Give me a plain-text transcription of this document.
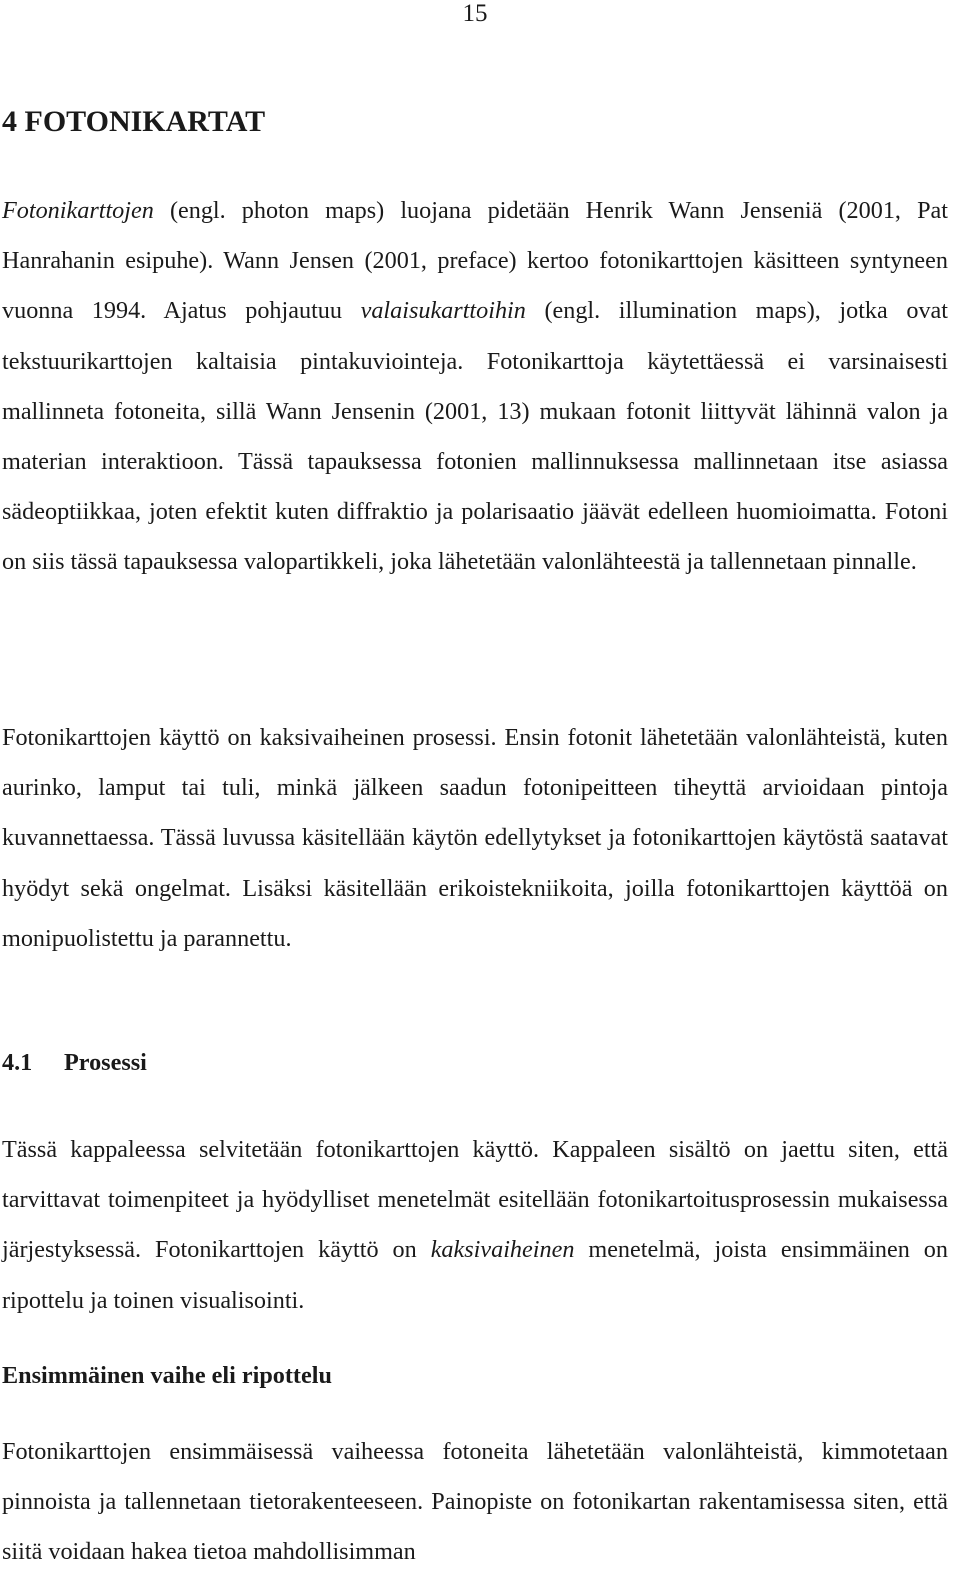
15
4 FOTONIKARTAT

Fotonikarttojen (engl. photon maps) luojana pidetään Henrik Wann Jenseniä (2001, Pat Hanrahanin esipuhe). Wann Jensen (2001, preface) kertoo fotonikarttojen käsitteen syntyneen vuonna 1994. Ajatus pohjautuu valaisukarttoihin (engl. illumination maps), jotka ovat tekstuurikarttojen kaltaisia pintakuviointeja. Fotonikarttoja käytettäessä ei varsinaisesti mallinneta fotoneita, sillä Wann Jensenin (2001, 13) mukaan fotonit liittyvät lähinnä valon ja materian interaktioon. Tässä tapauksessa fotonien mallinnuksessa mallinnetaan itse asiassa sädeoptiikkaa, joten efektit kuten diffraktio ja polarisaatio jäävät edelleen huomioimatta. Fotoni on siis tässä tapauksessa valopartikkeli, joka lähetetään valonlähteestä ja tallennetaan pinnalle.

Fotonikarttojen käyttö on kaksivaiheinen prosessi. Ensin fotonit lähetetään valonlähteistä, kuten aurinko, lamput tai tuli, minkä jälkeen saadun fotonipeitteen tiheyttä arvioidaan pintoja kuvannettaessa. Tässä luvussa käsitellään käytön edellytykset ja fotonikarttojen käytöstä saatavat hyödyt sekä ongelmat. Lisäksi käsitellään erikoistekniikoita, joilla fotonikarttojen käyttöä on monipuolistettu ja parannettu.

4.1 Prosessi

Tässä kappaleessa selvitetään fotonikarttojen käyttö. Kappaleen sisältö on jaettu siten, että tarvittavat toimenpiteet ja hyödylliset menetelmät esitellään fotonikartoitusprosessin mukaisessa järjestyksessä. Fotonikarttojen käyttö on kaksivaiheinen menetelmä, joista ensimmäinen on ripottelu ja toinen visualisointi.

Ensimmäinen vaihe eli ripottelu

Fotonikarttojen ensimmäisessä vaiheessa fotoneita lähetetään valonlähteistä, kimmotetaan pinnoista ja tallennetaan tietorakenteeseen. Painopiste on fotonikartan rakentamisessa siten, että siitä voidaan hakea tietoa mahdollisimman
